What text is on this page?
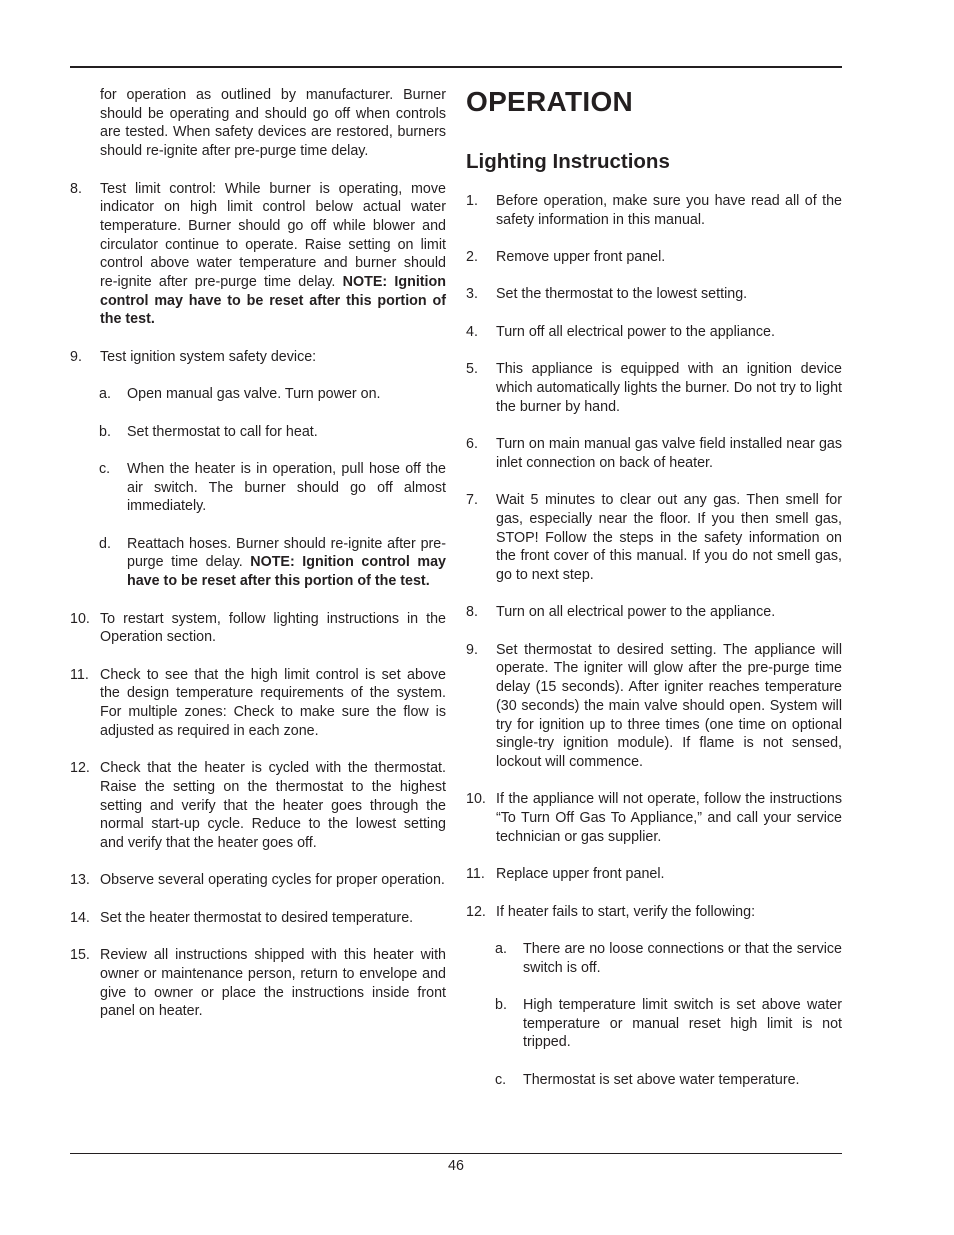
for operation as outlined by manufacturer. Burner should be operating and should go off when controls are tested. When safety devices are restored, burners should re-ignite after pre-purge time delay.
8. Test limit control: While burner is operating, move indicator on high limit control below actual water temperature. Burner should go off while blower and circulator continue to operate. Raise setting on limit control above water temperature and burner should re-ignite after pre-purge time delay. NOTE: Ignition control may have to be reset after this portion of the test.
9. Test ignition system safety device:
a. Open manual gas valve. Turn power on.
b. Set thermostat to call for heat.
c. When the heater is in operation, pull hose off the air switch. The burner should go off almost immediately.
d. Reattach hoses. Burner should re-ignite after pre-purge time delay. NOTE: Ignition control may have to be reset after this portion of the test.
10. To restart system, follow lighting instructions in the Operation section.
11. Check to see that the high limit control is set above the design temperature requirements of the system. For multiple zones: Check to make sure the flow is adjusted as required in each zone.
12. Check that the heater is cycled with the thermostat. Raise the setting on the thermostat to the highest setting and verify that the heater goes through the normal start-up cycle. Reduce to the lowest setting and verify that the heater goes off.
13. Observe several operating cycles for proper operation.
14. Set the heater thermostat to desired temperature.
15. Review all instructions shipped with this heater with owner or maintenance person, return to envelope and give to owner or place the instructions inside front panel on heater.
OPERATION
Lighting Instructions
1. Before operation, make sure you have read all of the safety information in this manual.
2. Remove upper front panel.
3. Set the thermostat to the lowest setting.
4. Turn off all electrical power to the appliance.
5. This appliance is equipped with an ignition device which automatically lights the burner. Do not try to light the burner by hand.
6. Turn on main manual gas valve field installed near gas inlet connection on back of heater.
7. Wait 5 minutes to clear out any gas. Then smell for gas, especially near the floor. If you then smell gas, STOP! Follow the steps in the safety information on the front cover of this manual. If you do not smell gas, go to next step.
8. Turn on all electrical power to the appliance.
9. Set thermostat to desired setting. The appliance will operate. The igniter will glow after the pre-purge time delay (15 seconds). After igniter reaches temperature (30 seconds) the main valve should open. System will try for ignition up to three times (one time on optional single-try ignition module). If flame is not sensed, lockout will commence.
10. If the appliance will not operate, follow the instructions “To Turn Off Gas To Appliance,” and call your service technician or gas supplier.
11. Replace upper front panel.
12. If heater fails to start, verify the following:
a. There are no loose connections or that the service switch is off.
b. High temperature limit switch is set above water temperature or manual reset high limit is not tripped.
c. Thermostat is set above water temperature.
46
